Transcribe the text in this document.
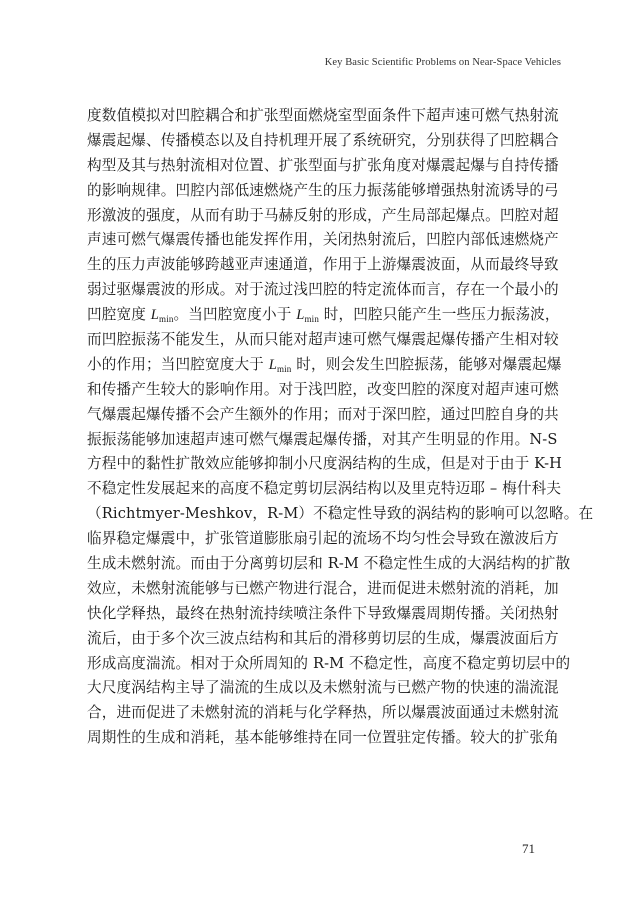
Key Basic Scientific Problems on Near-Space Vehicles
度数值模拟对凹腔耦合和扩张型面燃烧室型面条件下超声速可燃气热射流
爆震起爆、传播模态以及自持机理开展了系统研究，分别获得了凹腔耦合
构型及其与热射流相对位置、扩张型面与扩张角度对爆震起爆与自持传播
的影响规律。凹腔内部低速燃烧产生的压力振荡能够增强热射流诱导的弓
形激波的强度，从而有助于马赫反射的形成，产生局部起爆点。凹腔对超
声速可燃气爆震传播也能发挥作用，关闭热射流后，凹腔内部低速燃烧产
生的压力声波能够跨越亚声速通道，作用于上游爆震波面，从而最终导致
弱过驱爆震波的形成。对于流过浅凹腔的特定流体而言，存在一个最小的
凹腔宽度 $L_{min}$。当凹腔宽度小于 $L_{min}$ 时，凹腔只能产生一些压力振荡波，
而凹腔振荡不能发生，从而只能对超声速可燃气爆震起爆传播产生相对较
小的作用；当凹腔宽度大于 $L_{min}$ 时，则会发生凹腔振荡，能够对爆震起爆
和传播产生较大的影响作用。对于浅凹腔，改变凹腔的深度对超声速可燃
气爆震起爆传播不会产生额外的作用；而对于深凹腔，通过凹腔自身的共
振振荡能够加速超声速可燃气爆震起爆传播，对其产生明显的作用。N-S
方程中的黏性扩散效应能够抑制小尺度涡结构的生成，但是对于由于 K-H
不稳定性发展起来的高度不稳定剪切层涡结构以及里克特迈耶 – 梅什科夫
（Richtmyer-Meshkov，R-M）不稳定性导致的涡结构的影响可以忽略。在
临界稳定爆震中，扩张管道膨胀扇引起的流场不均匀性会导致在激波后方
生成未燃射流。而由于分离剪切层和 R-M 不稳定性生成的大涡结构的扩散
效应，未燃射流能够与已燃产物进行混合，进而促进未燃射流的消耗，加
快化学释热，最终在热射流持续喷注条件下导致爆震周期传播。关闭热射
流后，由于多个次三波点结构和其后的滑移剪切层的生成，爆震波面后方
形成高度湍流。相对于众所周知的 R-M 不稳定性，高度不稳定剪切层中的
大尺度涡结构主导了湍流的生成以及未燃射流与已燃产物的快速的湍流混
合，进而促进了未燃射流的消耗与化学释热，所以爆震波面通过未燃射流
周期性的生成和消耗，基本能够维持在同一位置驻定传播。较大的扩张角
71
